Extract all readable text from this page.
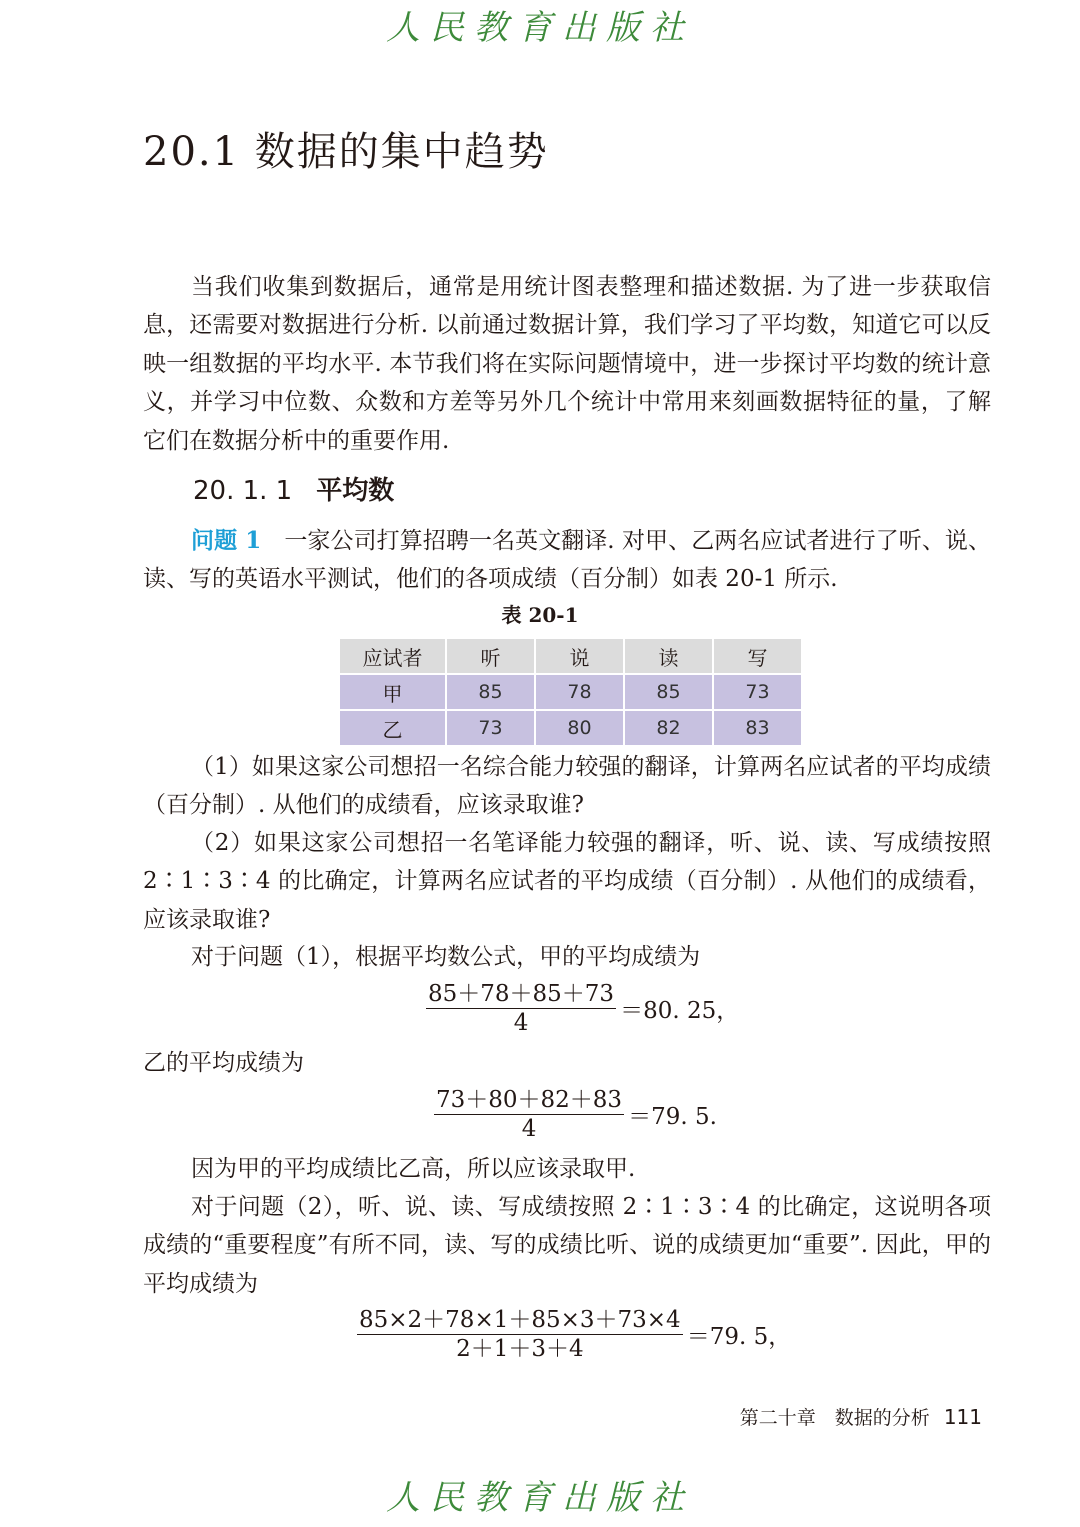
人民教育出版社
20.1 数据的集中趋势

当我们收集到数据后，通常是用统计图表整理和描述数据. 为了进一步获取信息，还需要对数据进行分析. 以前通过数据计算，我们学习了平均数，知道它可以反映一组数据的平均水平. 本节我们将在实际问题情境中，进一步探讨平均数的统计意义，并学习中位数、众数和方差等另外几个统计中常用来刻画数据特征的量，了解它们在数据分析中的重要作用.

20. 1. 1 平均数

问题 1　 一家公司打算招聘一名英文翻译. 对甲、乙两名应试者进行了听、说、读、写的英语水平测试，他们的各项成绩（百分制）如表 20-1 所示.

表 20-1
应试者	听	说	读	写
甲	85	78	85	73
乙	73	80	82	83

（1）如果这家公司想招一名综合能力较强的翻译，计算两名应试者的平均成绩（百分制）. 从他们的成绩看，应该录取谁?

（2）如果这家公司想招一名笔译能力较强的翻译，听、说、读、写成绩按照 2∶1∶3∶4 的比确定，计算两名应试者的平均成绩（百分制）. 从他们的成绩看，应该录取谁?

对于问题（1），根据平均数公式，甲的平均成绩为

85＋78＋85＋73
4	＝80. 25，

乙的平均成绩为

73＋80＋82＋83
4	＝79. 5.

因为甲的平均成绩比乙高，所以应该录取甲.

对于问题（2），听、说、读、写成绩按照 2∶1∶3∶4 的比确定，这说明各项成绩的“重要程度”有所不同，读、写的成绩比听、说的成绩更加“重要”. 因此，甲的平均成绩为

85×2＋78×1＋85×3＋73×4
2＋1＋3＋4	＝79. 5，
第二十章　数据的分析 111
人民教育出版社
